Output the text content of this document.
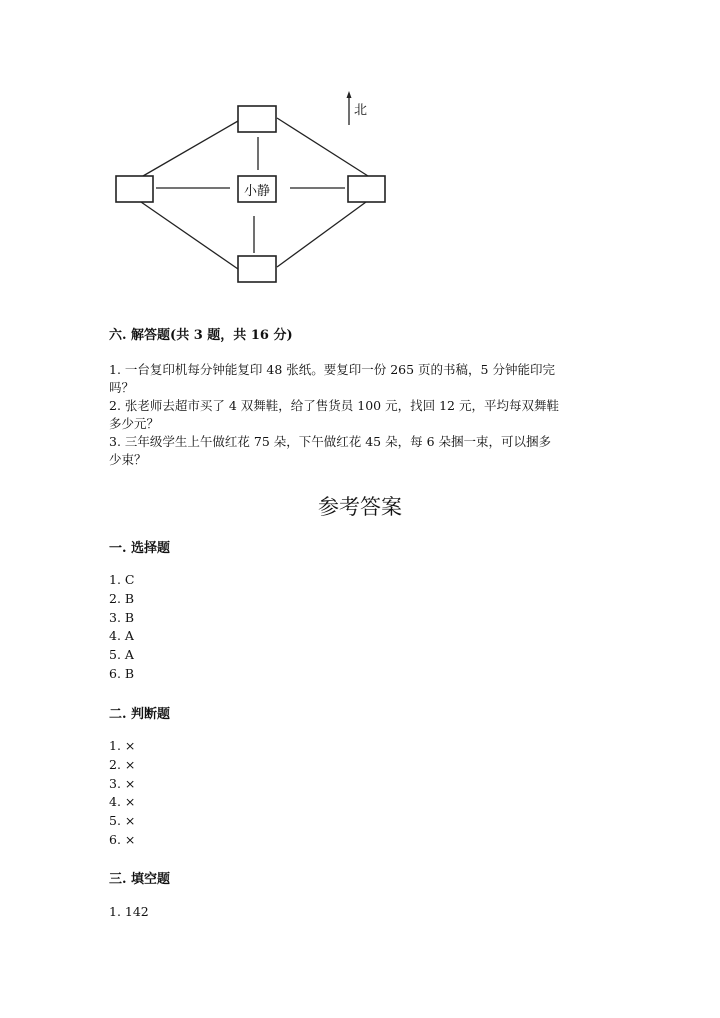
小静
北
六. 解答题(共 3 题，共 16 分)
1. 一台复印机每分钟能复印 48 张纸。要复印一份 265 页的书稿，5 分钟能印完
吗？
2. 张老师去超市买了 4 双舞鞋，给了售货员 100 元，找回 12 元，平均每双舞鞋
多少元？
3. 三年级学生上午做红花 75 朵，下午做红花 45 朵，每 6 朵捆一束，可以捆多
少束？
参考答案
一. 选择题
1. C
2. B
3. B
4. A
5. A
6. B
二. 判断题
1. ×
2. ×
3. ×
4. ×
5. ×
6. ×
三. 填空题
1. 142
